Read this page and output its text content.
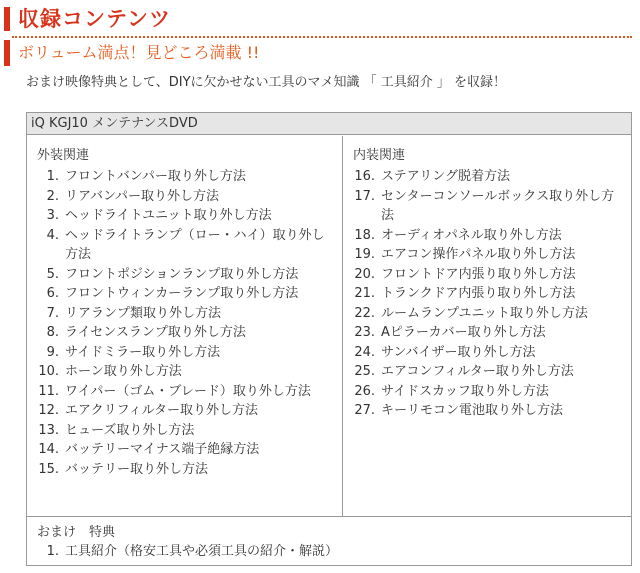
収録コンテンツ
ボリューム満点！見どころ満載 !!
おまけ映像特典として、DIYに欠かせない工具のマメ知識 「 工具紹介 」 を収録！
iQ KGJ10 メンテナンスDVD
外装関連
1. フロントバンパー取り外し方法
2. リアバンパー取り外し方法
3. ヘッドライトユニット取り外し方法
4. ヘッドライトランプ（ロー・ハイ）取り外し方法
5. フロントポジションランプ取り外し方法
6. フロントウィンカーランプ取り外し方法
7. リアランプ類取り外し方法
8. ライセンスランプ取り外し方法
9. サイドミラー取り外し方法
10. ホーン取り外し方法
11. ワイパー（ゴム・ブレード）取り外し方法
12. エアクリフィルター取り外し方法
13. ヒューズ取り外し方法
14. バッテリーマイナス端子絶縁方法
15. バッテリー取り外し方法
内装関連
16. ステアリング脱着方法
17. センターコンソールボックス取り外し方法
18. オーディオパネル取り外し方法
19. エアコン操作パネル取り外し方法
20. フロントドア内張り取り外し方法
21. トランクドア内張り取り外し方法
22. ルームランプユニット取り外し方法
23. Aピラーカバー取り外し方法
24. サンバイザー取り外し方法
25. エアコンフィルター取り外し方法
26. サイドスカッフ取り外し方法
27. キーリモコン電池取り外し方法
おまけ　特典
1. 工具紹介（格安工具や必須工具の紹介・解説）
